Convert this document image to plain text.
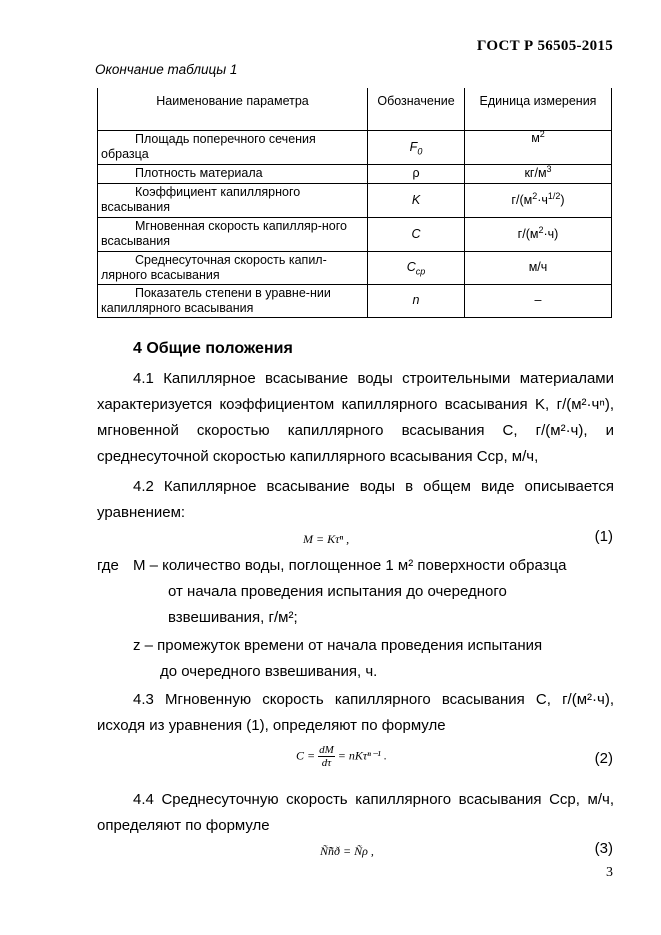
ГОСТ Р 56505-2015
Окончание таблицы 1
Наименование параметра	Обозначение	Единица измерения
Площадь поперечного сечения образца	$F_0$	$м^2$
Плотность материала	ρ	$кг/м^3$
Коэффициент капиллярного всасывания	K	$г/(м^2\cdot ч^{1/2})$
Мгновенная скорость капилляр-ного всасывания	C	$г/(м^2\cdot ч)$
Среднесуточная скорость капил-лярного всасывания	$C_{ср}$	м/ч
Показатель степени в уравне-нии капиллярного всасывания	n	–
4 Общие положения
4.1 Капиллярное всасывание воды строительными материалами характеризуется коэффициентом капиллярного всасывания K, г/(м²·чⁿ), мгновенной скоростью капиллярного всасывания C, г/(м²·ч), и среднесуточной скоростью капиллярного всасывания Cср, м/ч,
4.2 Капиллярное всасывание воды в общем виде описывается уравнением:
M = Kτⁿ ,	(1)
где M – количество воды, поглощенное 1 м² поверхности образца
от начала проведения испытания до очередного
взвешивания, г/м²;
z – промежуток времени от начала проведения испытания
до очередного взвешивания, ч.
4.3 Мгновенную скорость капиллярного всасывания C, г/(м²·ч), исходя из уравнения (1), определяют по формуле
$C = \frac{dM}{d\tau} = nK\tau^{n-1}$ .	(2)
4.4 Среднесуточную скорость капиллярного всасывания Cср, м/ч, определяют по формуле
Ñ̃ñð = Ñρ ,	(3)
3
